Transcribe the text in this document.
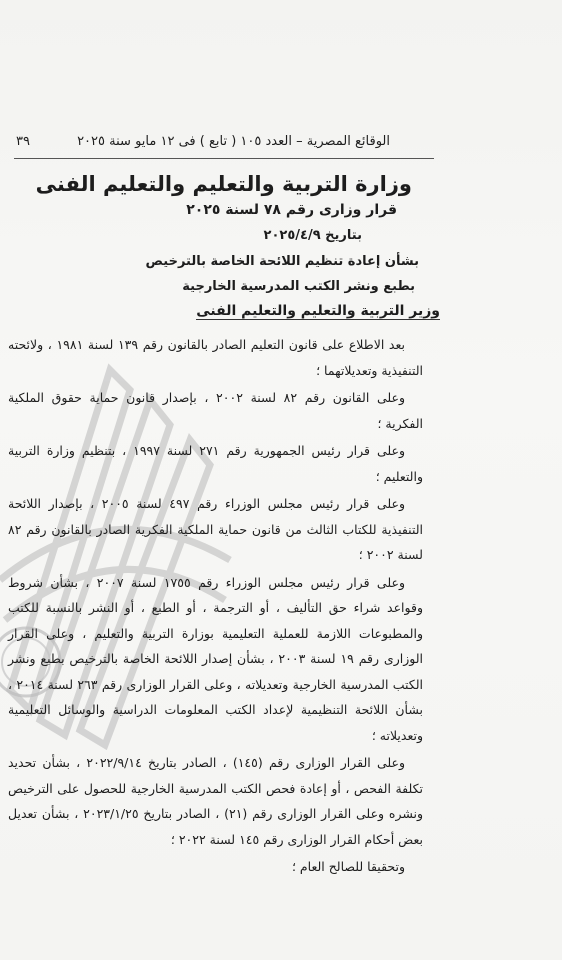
الوقائع المصرية – العدد ١٠٥ ( تابع ) فى ١٢ مايو سنة ٢٠٢٥
٣٩
وزارة التربية والتعليم والتعليم الفنى
قرار وزارى رقم ٧٨ لسنة ٢٠٢٥
بتاريخ ٢٠٢٥/٤/٩
بشأن إعادة تنظيم اللائحة الخاصة بالترخيص
بطبع ونشر الكتب المدرسية الخارجية
وزير التربية والتعليم والتعليم الفنى

بعد الاطلاع على قانون التعليم الصادر بالقانون رقم ١٣٩ لسنة ١٩٨١ ، ولائحته التنفيذية وتعديلاتهما ؛

وعلى القانون رقم ٨٢ لسنة ٢٠٠٢ ، بإصدار قانون حماية حقوق الملكية الفكرية ؛

وعلى قرار رئيس الجمهورية رقم ٢٧١ لسنة ١٩٩٧ ، بتنظيم وزارة التربية والتعليم ؛

وعلى قرار رئيس مجلس الوزراء رقم ٤٩٧ لسنة ٢٠٠٥ ، بإصدار اللائحة التنفيذية للكتاب الثالث من قانون حماية الملكية الفكرية الصادر بالقانون رقم ٨٢ لسنة ٢٠٠٢ ؛

وعلى قرار رئيس مجلس الوزراء رقم ١٧٥٥ لسنة ٢٠٠٧ ، بشأن شروط وقواعد شراء حق التأليف ، أو الترجمة ، أو الطبع ، أو النشر بالنسبة للكتب والمطبوعات اللازمة للعملية التعليمية بوزارة التربية والتعليم ، وعلى القرار الوزارى رقم ١٩ لسنة ٢٠٠٣ ، بشأن إصدار اللائحة الخاصة بالترخيص بطبع ونشر الكتب المدرسية الخارجية وتعديلاته ، وعلى القرار الوزارى رقم ٢٦٣ لسنة ٢٠١٤ ، بشأن اللائحة التنظيمية لإعداد الكتب المعلومات الدراسية والوسائل التعليمية وتعديلاته ؛

وعلى القرار الوزارى رقم (١٤٥) ، الصادر بتاريخ ٢٠٢٢/٩/١٤ ، بشأن تحديد تكلفة الفحص ، أو إعادة فحص الكتب المدرسية الخارجية للحصول على الترخيص ونشره وعلى القرار الوزارى رقم (٢١) ، الصادر بتاريخ ٢٠٢٣/١/٢٥ ، بشأن تعديل بعض أحكام القرار الوزارى رقم ١٤٥ لسنة ٢٠٢٢ ؛

وتحقيقا للصالح العام ؛
